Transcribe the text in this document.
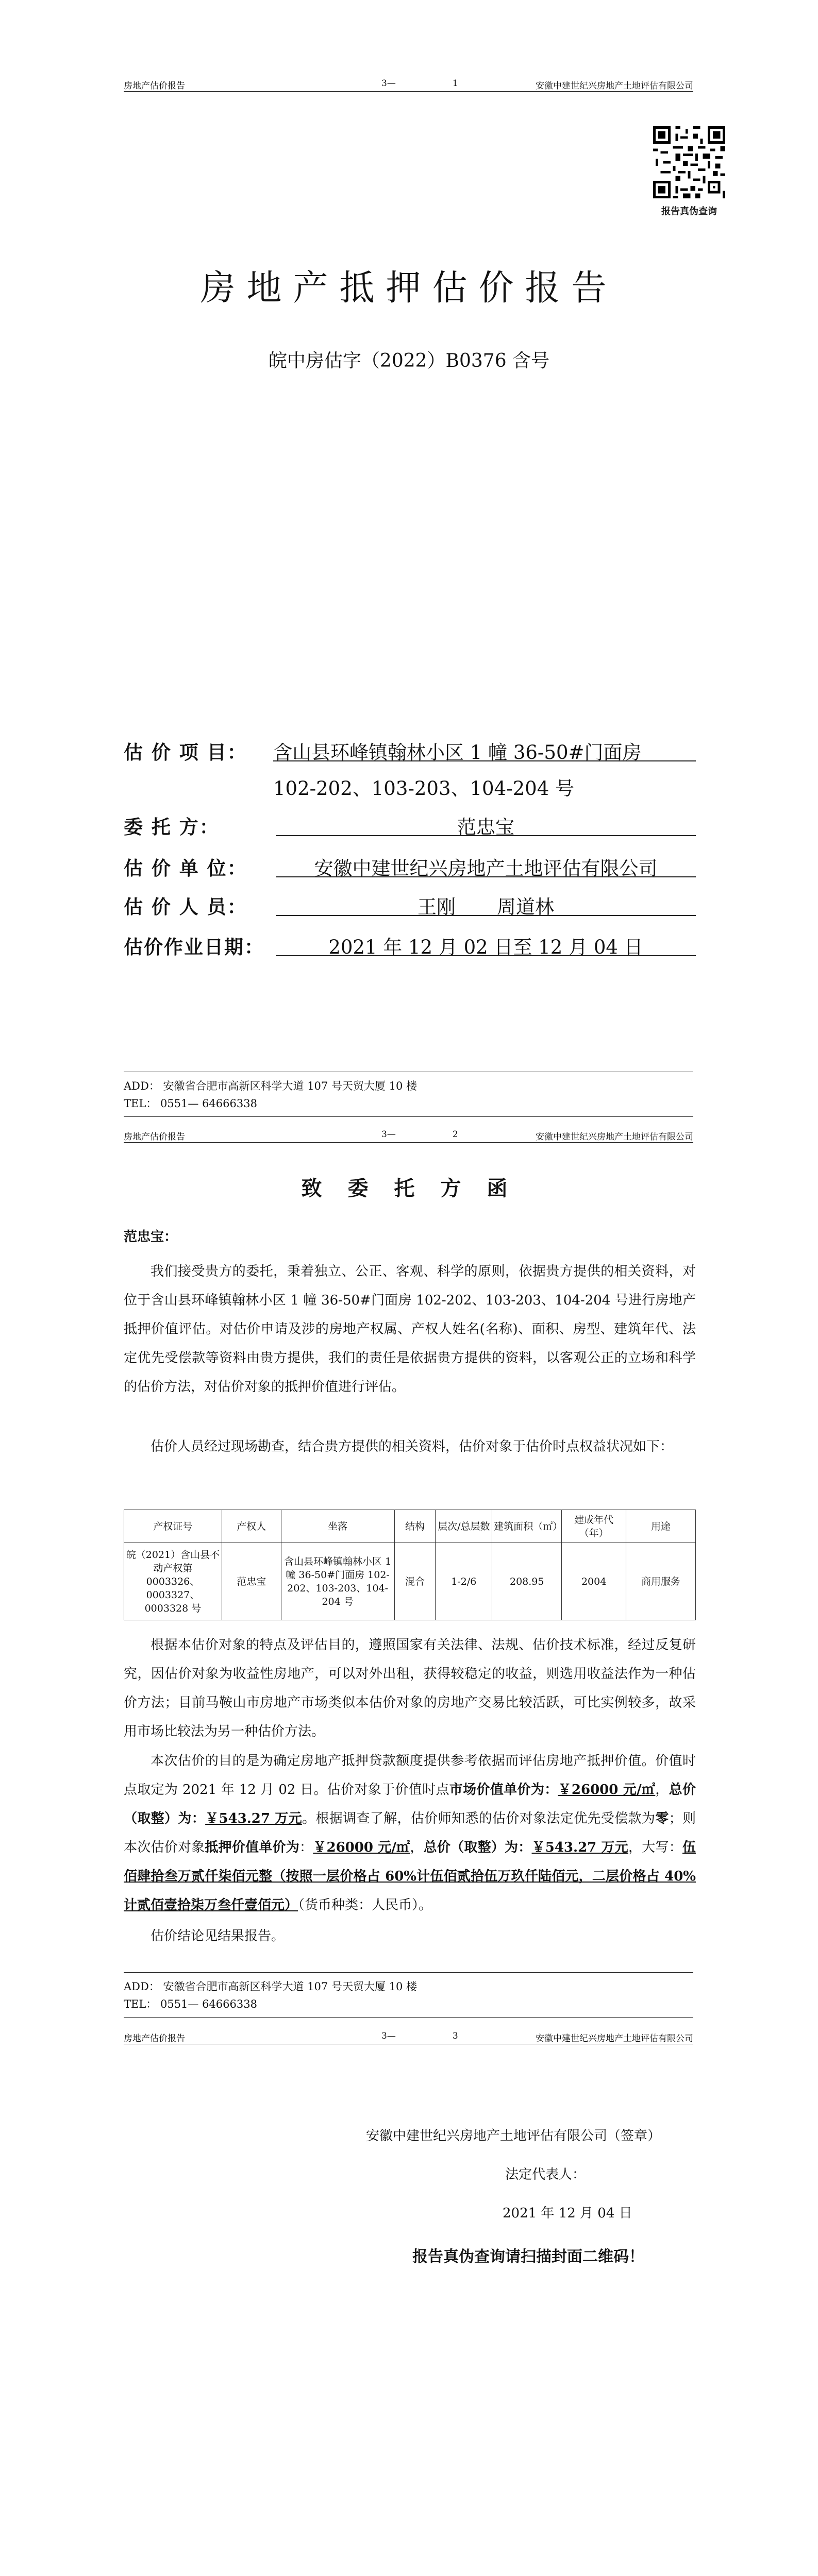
房地产估价报告	3—	1	安徽中建世纪兴房地产土地评估有限公司
报告真伪查询
房地产抵押估价报告
皖中房估字（2022）B0376 含号
估 价 项 目： 含山县环峰镇翰林小区 1 幢 36-50#门面房
102-202、103-203、104-204 号
委 托 方：	范忠宝
估 价 单 位：	安徽中建世纪兴房地产土地评估有限公司
估 价 人 员：	王刚 周道林
估价作业日期：	2021 年 12 月 02 日至 12 月 04 日
ADD： 安徽省合肥市高新区科学大道 107 号天贸大厦 10 楼
TEL： 0551— 64666338
房地产估价报告	3—	2	安徽中建世纪兴房地产土地评估有限公司
致 委 托 方 函
范忠宝：
我们接受贵方的委托，秉着独立、公正、客观、科学的原则，依据贵方提供的相关资料，对位于含山县环峰镇翰林小区 1 幢 36-50#门面房 102-202、103-203、104-204 号进行房地产抵押价值评估。对估价申请及涉的房地产权属、产权人姓名(名称)、面积、房型、建筑年代、法定优先受偿款等资料由贵方提供，我们的责任是依据贵方提供的资料，以客观公正的立场和科学的估价方法，对估价对象的抵押价值进行评估。
估价人员经过现场勘查，结合贵方提供的相关资料，估价对象于估价时点权益状况如下：
产权证号	产权人	坐落	结构	层次/总层数	建筑面积（㎡）	建成年代（年）	用途
皖（2021）含山县不动产权第 0003326、0003327、0003328 号	范忠宝	含山县环峰镇翰林小区 1 幢 36-50#门面房 102-202、103-203、104-204 号	混合	1-2/6	208.95	2004	商用服务
根据本估价对象的特点及评估目的，遵照国家有关法律、法规、估价技术标准，经过反复研究，因估价对象为收益性房地产，可以对外出租，获得较稳定的收益，则选用收益法作为一种估价方法；目前马鞍山市房地产市场类似本估价对象的房地产交易比较活跃，可比实例较多，故采用市场比较法为另一种估价方法。
本次估价的目的是为确定房地产抵押贷款额度提供参考依据而评估房地产抵押价值。价值时点取定为 2021 年 12 月 02 日。估价对象于价值时点市场价值单价为：￥26000 元/㎡，总价（取整）为：￥543.27 万元。根据调查了解，估价师知悉的估价对象法定优先受偿款为零；则本次估价对象抵押价值单价为：￥26000 元/㎡，总价（取整）为：￥543.27 万元，大写：伍佰肆拾叁万贰仟柒佰元整（按照一层价格占 60%计伍佰贰拾伍万玖仟陆佰元，二层价格占 40%计贰佰壹拾柒万叁仟壹佰元）（货币种类：人民币）。
估价结论见结果报告。
ADD： 安徽省合肥市高新区科学大道 107 号天贸大厦 10 楼
TEL： 0551— 64666338
房地产估价报告	3—	3	安徽中建世纪兴房地产土地评估有限公司
安徽中建世纪兴房地产土地评估有限公司（签章）
法定代表人：
2021 年 12 月 04 日
报告真伪查询请扫描封面二维码！
